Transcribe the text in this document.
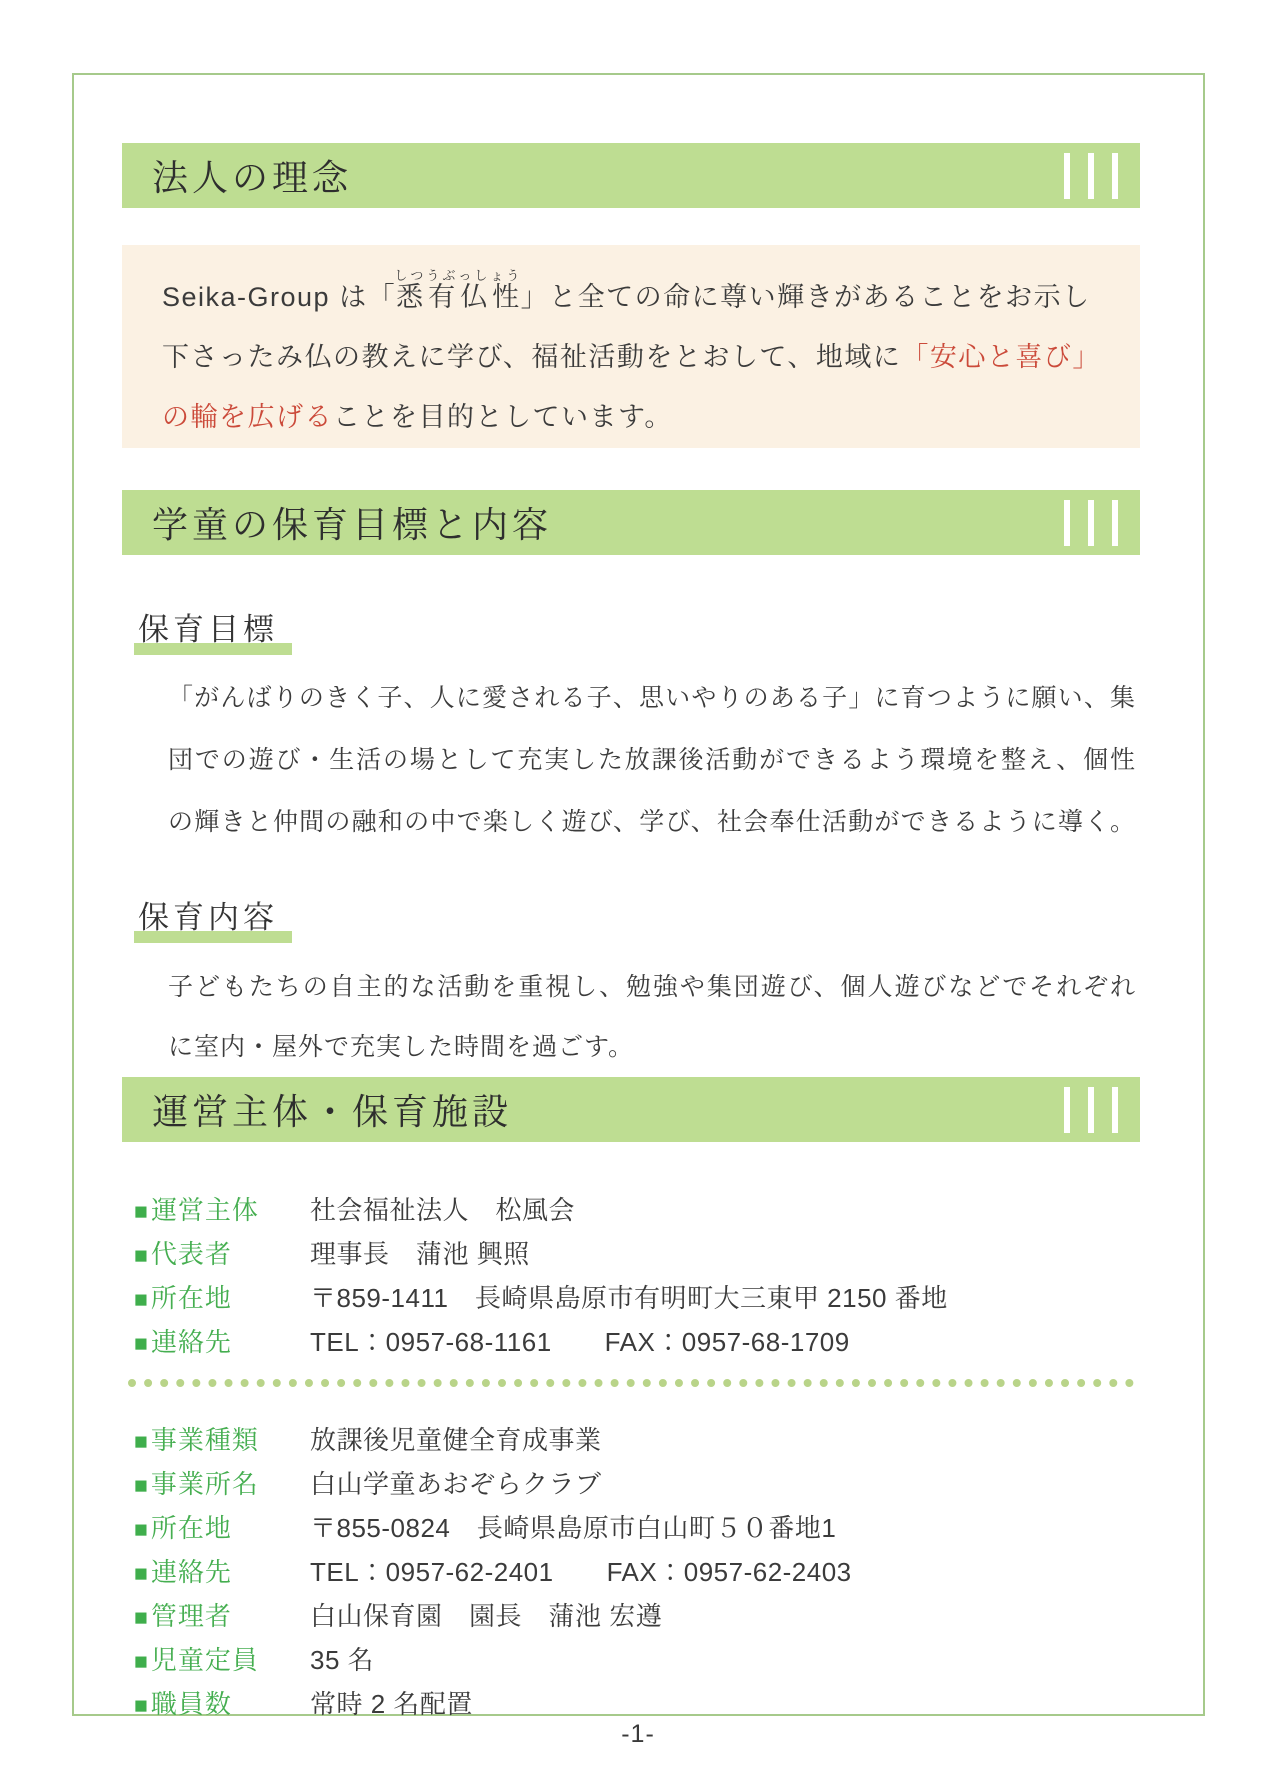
法人の理念
Seika-Group は「悉有仏性しつうぶっしょう」と全ての命に尊い輝きがあることをお示し
下さったみ仏の教えに学び、福祉活動をとおして、地域に「安心と喜び」
の輪を広げることを目的としています。
学童の保育目標と内容
保育目標
「がんばりのきく子、人に愛される子、思いやりのある子」に育つように願い、集
団での遊び・生活の場として充実した放課後活動ができるよう環境を整え、個性
の輝きと仲間の融和の中で楽しく遊び、学び、社会奉仕活動ができるように導く。
保育内容
子どもたちの自主的な活動を重視し、勉強や集団遊び、個人遊びなどでそれぞれ
に室内・屋外で充実した時間を過ごす。
運営主体・保育施設
■運営主体	社会福祉法人　松風会
■代表者	理事長　蒲池 興照
■所在地	〒859-1411　長崎県島原市有明町大三東甲 2150 番地
■連絡先	TEL：0957-68-1161　　FAX：0957-68-1709
■事業種類	放課後児童健全育成事業
■事業所名	白山学童あおぞらクラブ
■所在地	〒855-0824　長崎県島原市白山町５０番地1
■連絡先	TEL：0957-62-2401　　FAX：0957-62-2403
■管理者	白山保育園　園長　蒲池 宏遵
■児童定員	35 名
■職員数	常時 2 名配置
-1-
